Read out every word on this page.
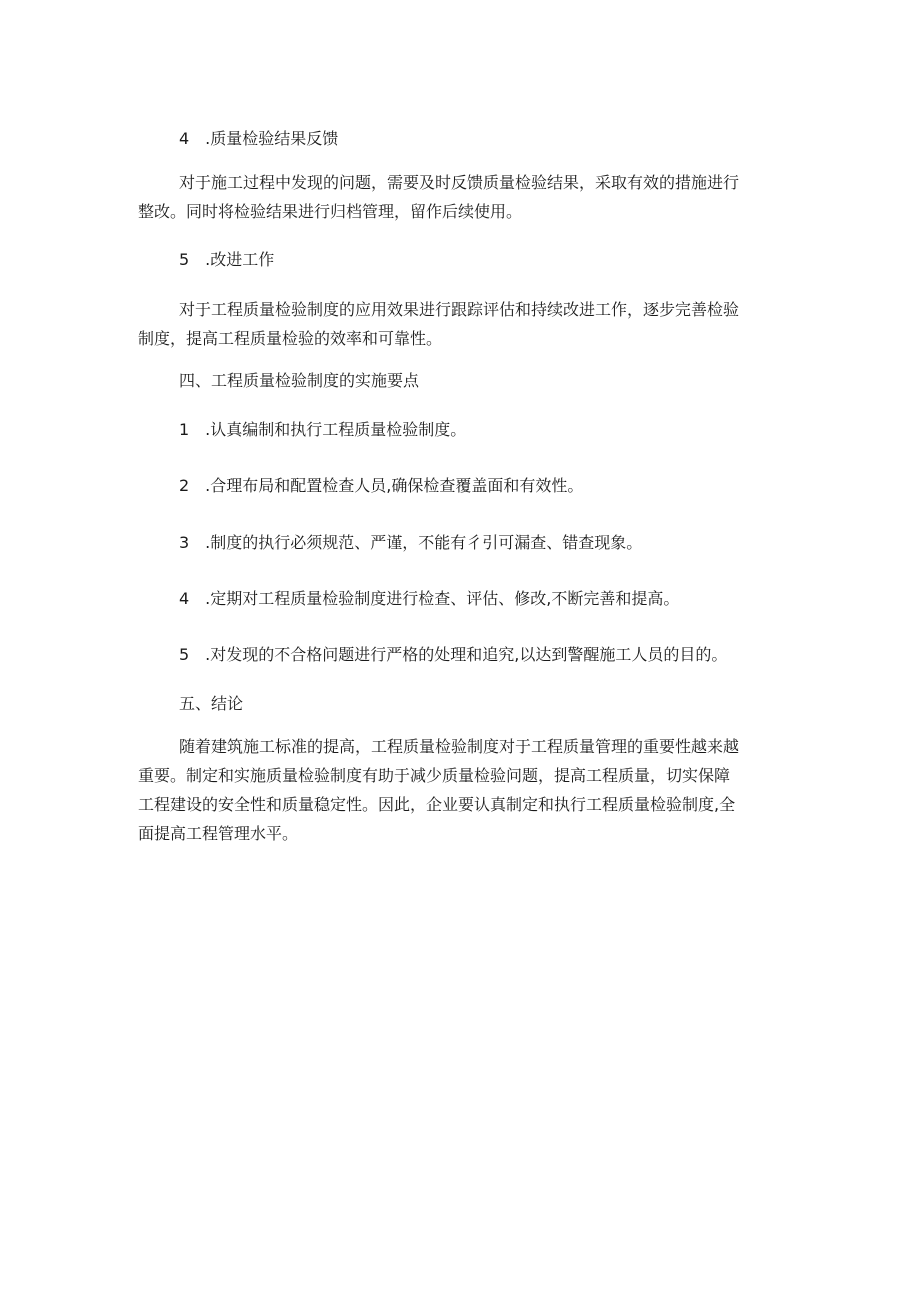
4　.质量检验结果反馈
对于施工过程中发现的问题，需要及时反馈质量检验结果，采取有效的措施进行
整改。同时将检验结果进行归档管理，留作后续使用。
5　.改进工作
对于工程质量检验制度的应用效果进行跟踪评估和持续改进工作，逐步完善检验
制度，提高工程质量检验的效率和可靠性。
四、工程质量检验制度的实施要点
1　.认真编制和执行工程质量检验制度。
2　.合理布局和配置检查人员,确保检查覆盖面和有效性。
3　.制度的执行必须规范、严谨，不能有彳引可漏查、错查现象。
4　.定期对工程质量检验制度进行检查、评估、修改,不断完善和提高。
5　.对发现的不合格问题进行严格的处理和追究,以达到警醒施工人员的目的。
五、结论
随着建筑施工标准的提高，工程质量检验制度对于工程质量管理的重要性越来越
重要。制定和实施质量检验制度有助于减少质量检验问题，提高工程质量，切实保障
工程建设的安全性和质量稳定性。因此，企业要认真制定和执行工程质量检验制度,全
面提高工程管理水平。
